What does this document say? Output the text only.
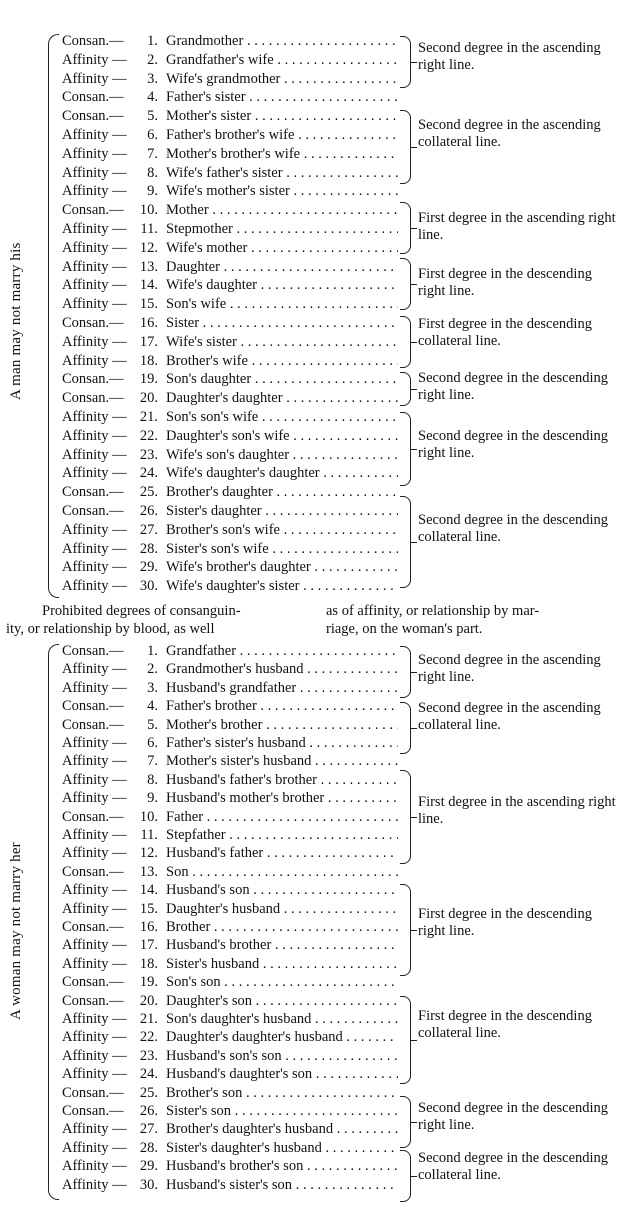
A man may not marry his
Consan.—	1. Grandmother . . .
Affinity —	2. Grandfather's wife . . .
Affinity —	3. Wife's grandmother . . .
Consan.—	4. Father's sister . . .
Consan.—	5. Mother's sister . . .
Affinity —	6. Father's brother's wife . . .
Affinity —	7. Mother's brother's wife . . .
Affinity —	8. Wife's father's sister . . .
Affinity —	9. Wife's mother's sister . . .
Consan.—	10. Mother . . .
Affinity — 11. Stepmother . . .
Affinity — 12. Wife's mother . . .
Affinity — 13. Daughter . . .
Affinity — 14. Wife's daughter . . .
Affinity — 15. Son's wife . . .
Consan.—	16. Sister . . .
Affinity — 17. Wife's sister . . .
Affinity — 18. Brother's wife . . .
Consan.—	19. Son's daughter . . .
Consan.—	20. Daughter's daughter . . .
Affinity — 21. Son's son's wife . . .
Affinity — 22. Daughter's son's wife . . .
Affinity — 23. Wife's son's daughter . . .
Affinity — 24. Wife's daughter's daughter . . .
Consan.—	25. Brother's daughter . . .
Consan.—	26. Sister's daughter . . .
Affinity — 27. Brother's son's wife . . .
Affinity — 28. Sister's son's wife . . .
Affinity — 29. Wife's brother's daughter . . .
Affinity — 30. Wife's daughter's sister . . .
Second degree in the ascending right line.
Second degree in the ascending collateral line.
First degree in the ascending right line.
First degree in the descending right line.
First degree in the descending collateral line.
Second degree in the descending right line.
Second degree in the descending right line.
Second degree in the descending collateral line.
Prohibited degrees of consanguin-
ity, or relationship by blood, as well
as of affinity, or relationship by mar-
riage, on the woman's part.
A woman may not marry her
Consan.—	1. Grandfather . . .
Affinity —	2. Grandmother's husband . . .
Affinity —	3. Husband's grandfather . . .
Consan.—	4. Father's brother . . .
Consan.—	5. Mother's brother . . .
Affinity —	6. Father's sister's husband . . .
Affinity —	7. Mother's sister's husband . . .
Affinity —	8. Husband's father's brother . . .
Affinity —	9. Husband's mother's brother . . .
Consan.—	10. Father . . .
Affinity — 11. Stepfather . . .
Affinity — 12. Husband's father . . .
Consan.—	13. Son . . .
Affinity — 14. Husband's son . . .
Affinity — 15. Daughter's husband . . .
Consan.—	16. Brother . . .
Affinity — 17. Husband's brother . . .
Affinity — 18. Sister's husband . . .
Consan.—	19. Son's son . . .
Consan.—	20. Daughter's son . . .
Affinity — 21. Son's daughter's husband . . .
Affinity — 22. Daughter's daughter's husband . . .
Affinity — 23. Husband's son's son . . .
Affinity — 24. Husband's daughter's son . . .
Consan.—	25. Brother's son . . .
Consan.—	26. Sister's son . . .
Affinity — 27. Brother's daughter's husband . . .
Affinity — 28. Sister's daughter's husband . . .
Affinity — 29. Husband's brother's son . . .
Affinity — 30. Husband's sister's son . . .
Second degree in the ascending right line.
Second degree in the ascending collateral line.
First degree in the ascending right line.
First degree in the descending right line.
First degree in the descending collateral line.
Second degree in the descending right line.
Second degree in the descending collateral line.
